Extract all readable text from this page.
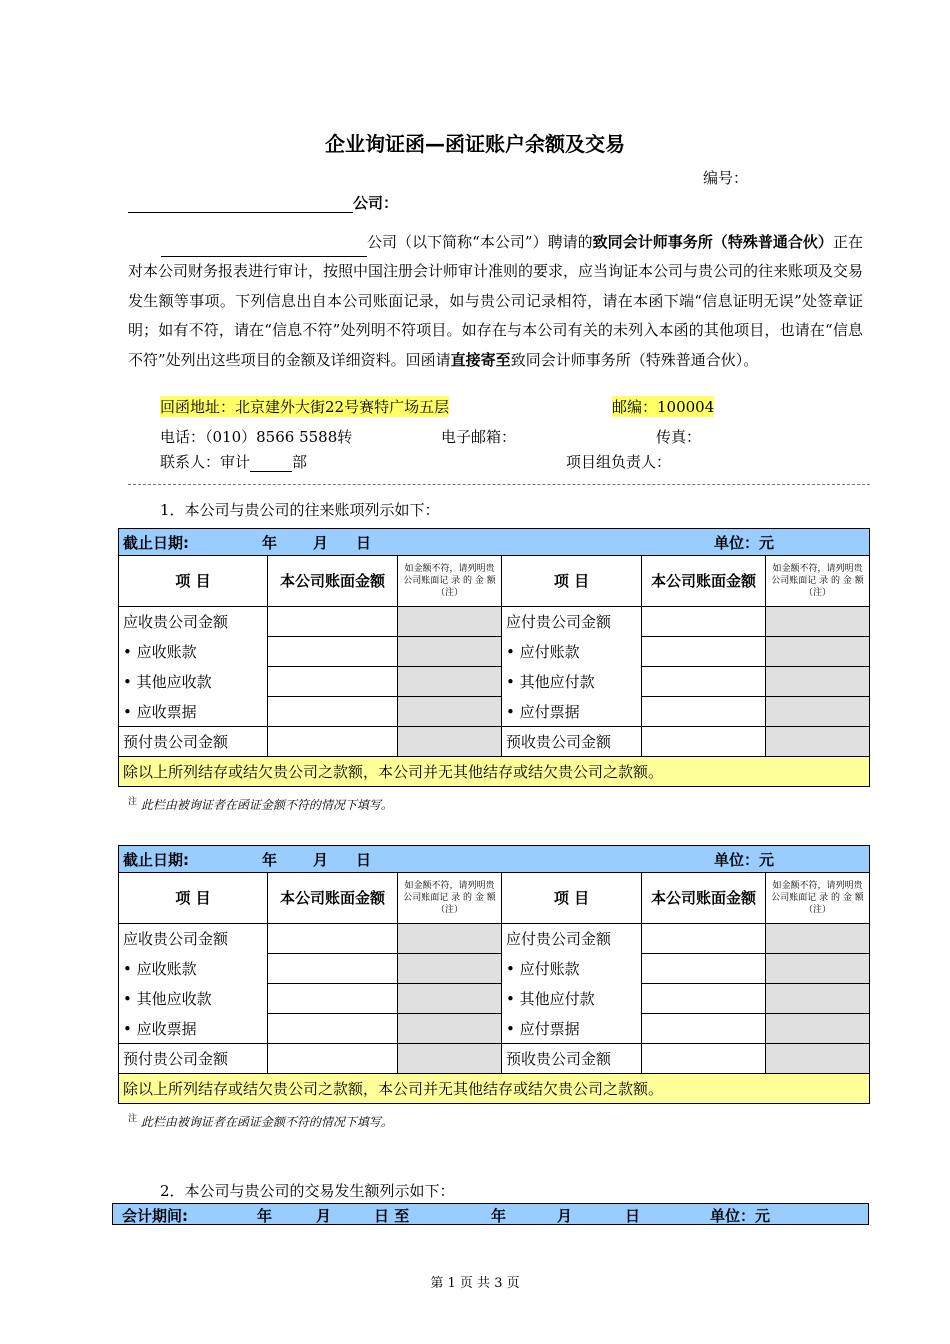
企业询证函—函证账户余额及交易
编号：
公司：
公司（以下简称“本公司”）聘请的致同会计师事务所（特殊普通合伙）正在对本公司财务报表进行审计，按照中国注册会计师审计准则的要求，应当询证本公司与贵公司的往来账项及交易发生额等事项。下列信息出自本公司账面记录，如与贵公司记录相符，请在本函下端“信息证明无误”处签章证明；如有不符，请在“信息不符”处列明不符项目。如存在与本公司有关的未列入本函的其他项目，也请在“信息不符”处列出这些项目的金额及详细资料。回函请直接寄至致同会计师事务所（特殊普通合伙）。
回函地址：北京建外大街22号赛特广场五层	邮编：100004
电话：（010）8566 5588转	电子邮箱：	传真：
联系人：审计	部	项目组负责人：
1．本公司与贵公司的往来账项列示如下：
截止日期: 年 月 日 单位：元					

项 目	本公司账面金额	如金额不符，请列明贵公司账面记 录 的 金 额（注）	项 目	本公司账面金额	如金额不符，请列明贵公司账面记 录 的 金 额（注）
应收贵公司金额			应付贵公司金额		
• 应收账款			• 应付账款		
• 其他应收款			• 其他应付款		
• 应收票据			• 应付票据		
预付贵公司金额			预收贵公司金额		
除以上所列结存或结欠贵公司之款额，本公司并无其他结存或结欠贵公司之款额。					
$^注$ 此栏由被询证者在函证金额不符的情况下填写。
截止日期: 年 月 日 单位：元					

项 目	本公司账面金额	如金额不符，请列明贵公司账面记 录 的 金 额（注）	项 目	本公司账面金额	如金额不符，请列明贵公司账面记 录 的 金 额（注）
应收贵公司金额			应付贵公司金额		
• 应收账款			• 应付账款		
• 其他应收款			• 其他应付款		
• 应收票据			• 应付票据		
预付贵公司金额			预收贵公司金额		
除以上所列结存或结欠贵公司之款额，本公司并无其他结存或结欠贵公司之款额。					
$^注$ 此栏由被询证者在函证金额不符的情况下填写。
2．本公司与贵公司的交易发生额列示如下：
会计期间:	年	月	日 至	年	月	日	单位：元
第 1 页 共 3 页
